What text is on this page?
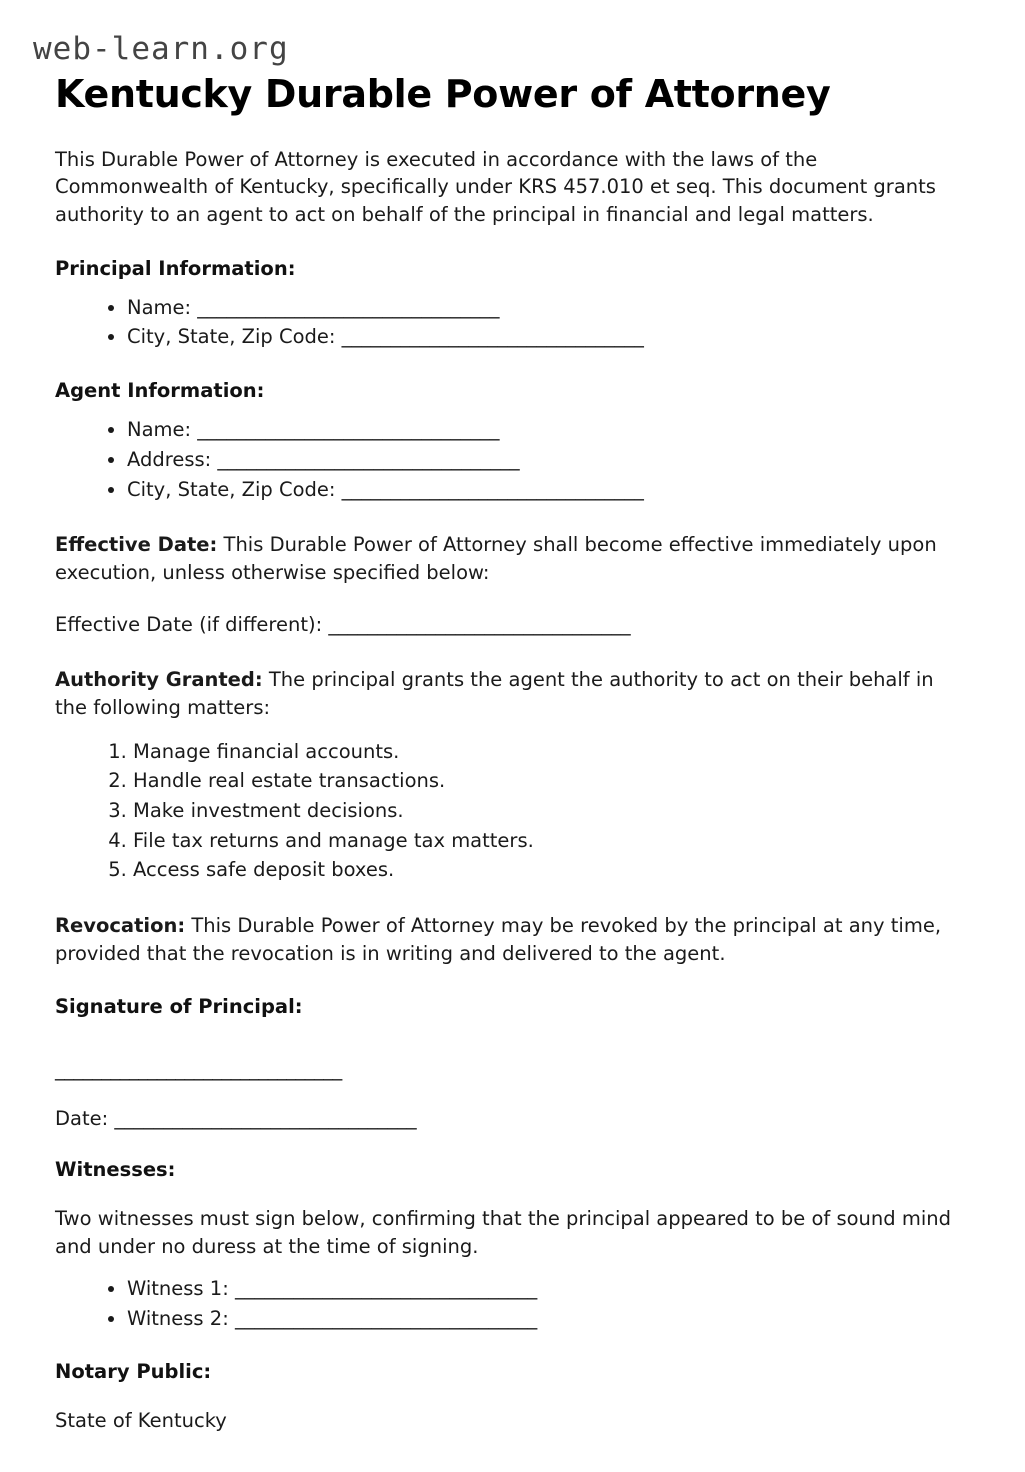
web-learn.org
Kentucky Durable Power of Attorney

This Durable Power of Attorney is executed in accordance with the laws of the Commonwealth of Kentucky, specifically under KRS 457.010 et seq. This document grants authority to an agent to act on behalf of the principal in financial and legal matters.

Principal Information:
• Name: _______________________________
• City, State, Zip Code: _______________________________
Agent Information:
• Name: _______________________________
• Address: _______________________________
• City, State, Zip Code: _______________________________

Effective Date: This Durable Power of Attorney shall become effective immediately upon execution, unless otherwise specified below:

Effective Date (if different): _______________________________

Authority Granted: The principal grants the agent the authority to act on their behalf in the following matters:

1. Manage financial accounts.
2. Handle real estate transactions.
3. Make investment decisions.
4. File tax returns and manage tax matters.
5. Access safe deposit boxes.

Revocation: This Durable Power of Attorney may be revoked by the principal at any time, provided that the revocation is in writing and delivered to the agent.

Signature of Principal:
_______________________________
Date: _______________________________
Witnesses:

Two witnesses must sign below, confirming that the principal appeared to be of sound mind and under no duress at the time of signing.

• Witness 1: _______________________________
• Witness 2: _______________________________
Notary Public:
State of Kentucky
